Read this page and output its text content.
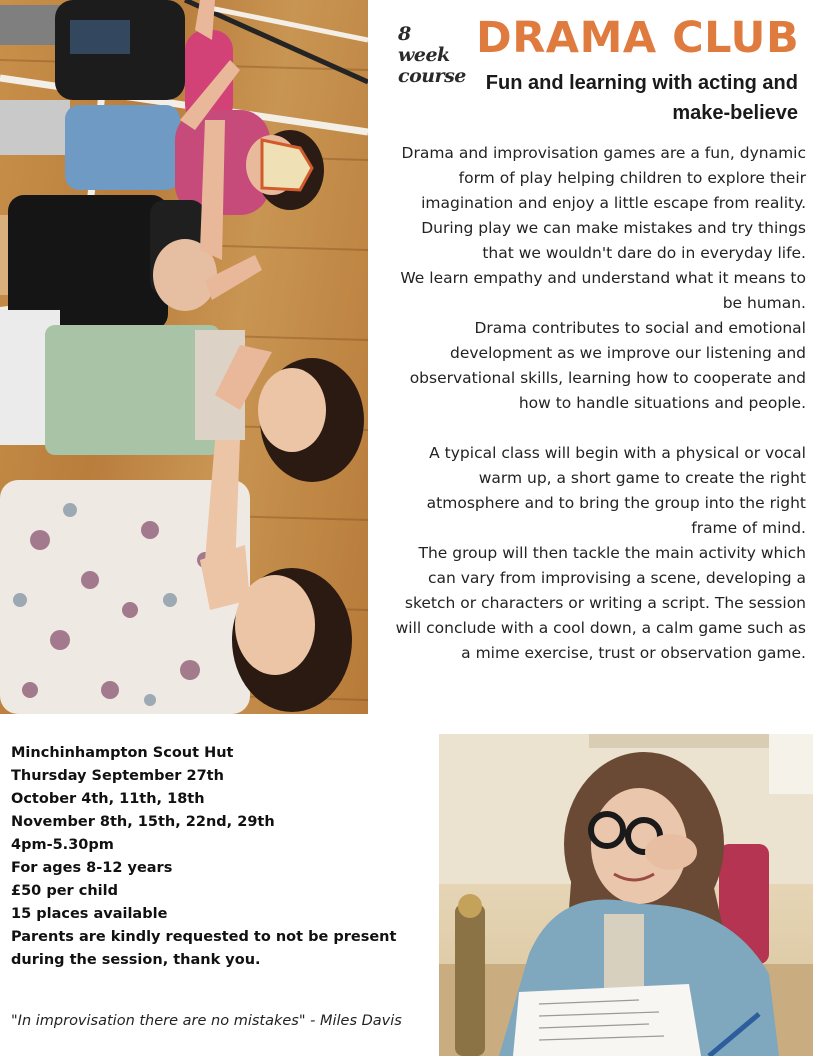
8 week course
DRAMA CLUB
Fun and learning with acting and make-believe

Drama and improvisation games are a fun, dynamic form of play helping children to explore their imagination and enjoy a little escape from reality.

During play we can make mistakes and try things that we wouldn't dare do in everyday life.

We learn empathy and understand what it means to be human.

Drama contributes to social and emotional development as we improve our listening and observational skills, learning how to cooperate and how to handle situations and people.

A typical class will begin with a physical or vocal warm up, a short game to create the right atmosphere and to bring the group into the right frame of mind.

The group will then tackle the main activity which can vary from improvising a scene, developing a sketch or characters or writing a script. The session will conclude with a cool down, a calm game such as a mime exercise, trust or observation game.

Minchinhampton Scout Hut
Thursday September 27th
October 4th, 11th, 18th
November 8th, 15th, 22nd, 29th
4pm-5.30pm
For ages 8-12 years
£50 per child
15 places available
Parents are kindly requested to not be present
during the session, thank you.
"In improvisation there are no mistakes" - Miles Davis
